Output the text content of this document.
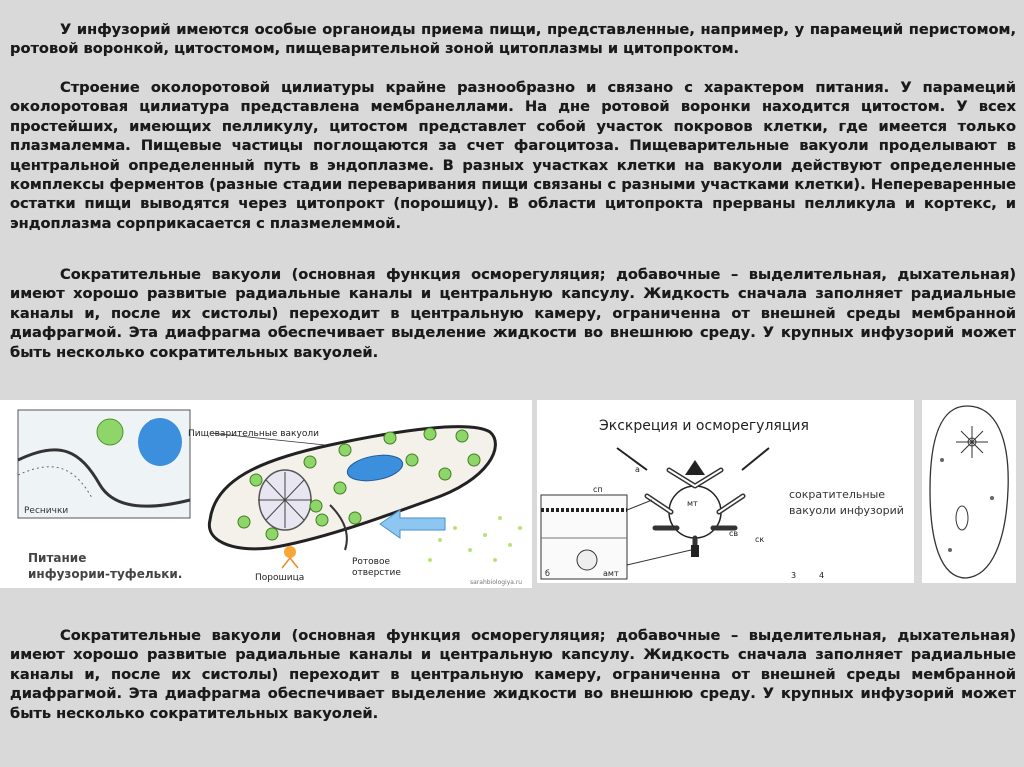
У инфузорий имеются особые органоиды приема пищи, представленные, например, у парамеций перистомом, ротовой воронкой, цитостомом, пищеварительной зоной цитоплазмы и цитопроктом.

Строение околоротовой цилиатуры крайне разнообразно и связано с характером питания. У парамеций околоротовая цилиатура представлена мембранеллами. На дне ротовой воронки находится цитостом. У всех простейших, имеющих пелликулу, цитостом представлет собой участок покровов клетки, где имеется только плазмалемма. Пищевые частицы поглощаются за счет фагоцитоза. Пищеварительные вакуоли проделывают в центральной определенный путь в эндоплазме. В разных участках клетки на вакуоли действуют определенные комплексы ферментов (разные стадии переваривания пищи связаны с разными участками клетки). Непереваренные остатки пищи выводятся через цитопрокт (порошицу). В области цитопрокта прерваны пелликула и кортекс, и эндоплазма сорприкасается с плазмелеммой.

Сократительные вакуоли (основная функция осморегуляция; добавочные – выделительная, дыхательная) имеют хорошо развитые радиальные каналы и центральную капсулу. Жидкость сначала заполняет радиальные каналы и, после их систолы) переходит в центральную камеру, ограниченна от внешней среды мембранной диафрагмой. Эта диафрагма обеспечивает выделение жидкости во внешнюю среду. У крупных инфузорий может быть несколько сократительных вакуолей.

Реснички
Пищеварительные вакуоли
Порошица
Ротовое
отверстие
Питание
инфузории-туфельки.
sarahbiologiya.ru
Экскреция и осморегуляция
сп
а
мт
св
ск
б	амт
сократительные
вакуоли инфузорий
3	4

Сократительные вакуоли (основная функция осморегуляция; добавочные – выделительная, дыхательная) имеют хорошо развитые радиальные каналы и центральную капсулу. Жидкость сначала заполняет радиальные каналы и, после их систолы) переходит в центральную камеру, ограниченна от внешней среды мембранной диафрагмой. Эта диафрагма обеспечивает выделение жидкости во внешнюю среду. У крупных инфузорий может быть несколько сократительных вакуолей.
